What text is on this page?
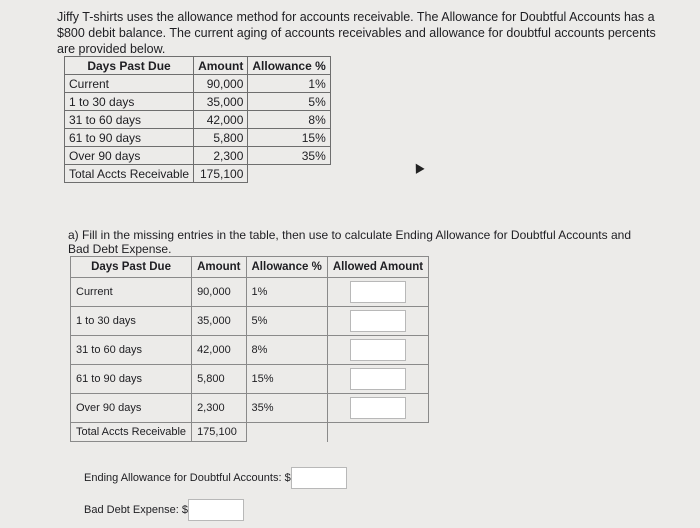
Jiffy T-shirts uses the allowance method for accounts receivable. The Allowance for Doubtful Accounts has a $800 debit balance. The current aging of accounts receivables and allowance for doubtful accounts percents are provided below.

Days Past Due	Amount	Allowance %
Current	90,000	1%
1 to 30 days	35,000	5%
31 to 60 days	42,000	8%
61 to 90 days	5,800	15%
Over 90 days	2,300	35%
Total Accts Receivable	175,100	

a) Fill in the missing entries in the table, then use to calculate Ending Allowance for Doubtful Accounts and Bad Debt Expense.

Days Past Due	Amount	Allowance %	Allowed Amount
Current	90,000	1%	

1 to 30 days	35,000	5%	

31 to 60 days	42,000	8%	

61 to 90 days	5,800	15%	

Over 90 days	2,300	35%	

Total Accts Receivable	175,100		
Ending Allowance for Doubtful Accounts: $
Bad Debt Expense: $
